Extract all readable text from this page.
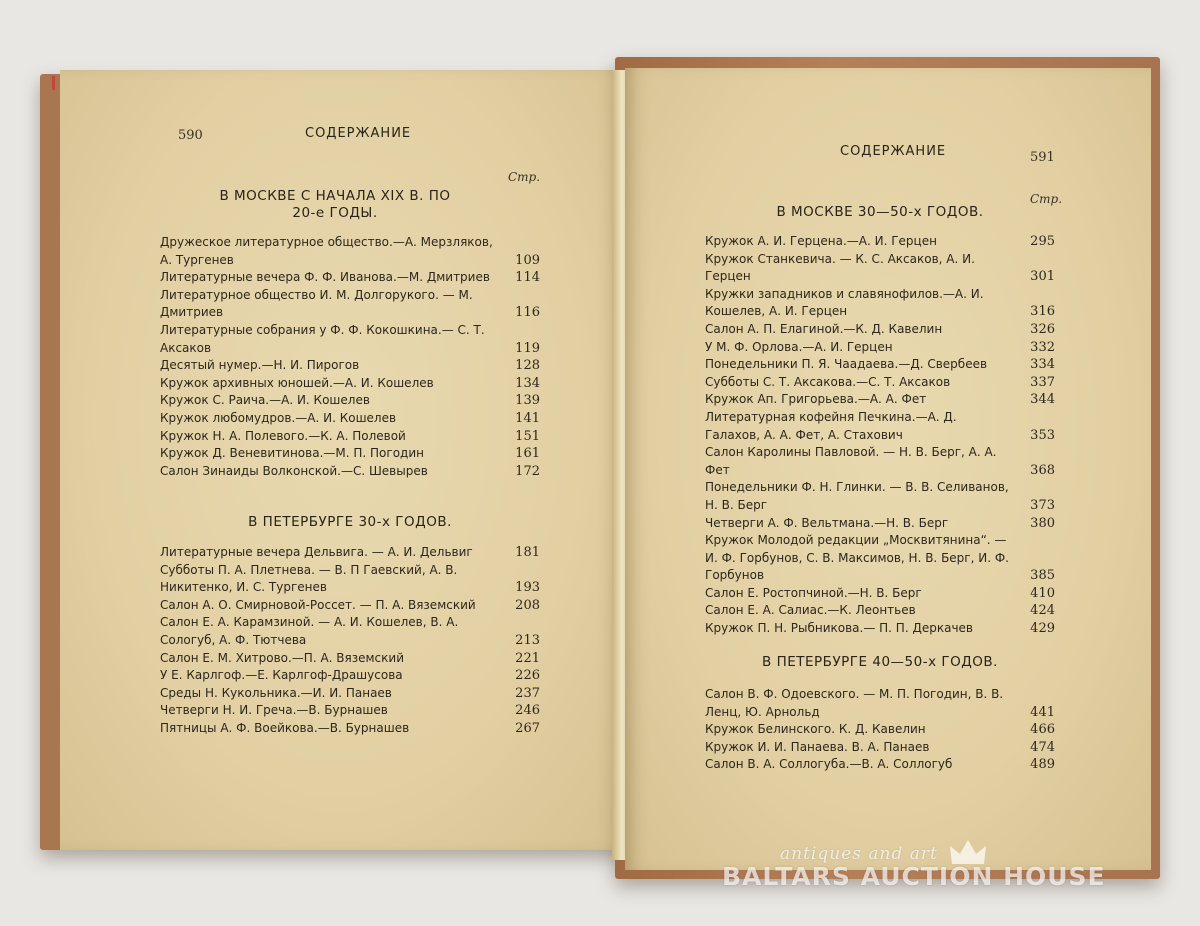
590	СОДЕРЖАНИЕ
Стр.
В МОСКВЕ С НАЧАЛА XIX В. ПО 20-е ГОДЫ.
Дружеское литературное общество.—А. Мерзляков, А. Тургенев	109
Литературные вечера Ф. Ф. Иванова.—М. Дмитриев	114
Литературное общество И. М. Долгорукого. — М. Дмитриев	116
Литературные собрания у Ф. Ф. Кокошкина.— С. Т. Аксаков	119
Десятый нумер.—Н. И. Пирогов	128
Кружок архивных юношей.—А. И. Кошелев	134
Кружок С. Раича.—А. И. Кошелев	139
Кружок любомудров.—А. И. Кошелев	141
Кружок Н. А. Полевого.—К. А. Полевой	151
Кружок Д. Веневитинова.—М. П. Погодин	161
Салон Зинаиды Волконской.—С. Шевырев	172
В ПЕТЕРБУРГЕ 30-х ГОДОВ.
Литературные вечера Дельвига. — А. И. Дельвиг	181
Субботы П. А. Плетнева. — В. П Гаевский, А. В. Никитенко, И. С. Тургенев	193
Салон А. О. Смирновой-Россет. — П. А. Вяземский	208
Салон Е. А. Карамзиной. — А. И. Кошелев, В. А. Сологуб, А. Ф. Тютчева	213
Салон Е. М. Хитрово.—П. А. Вяземский	221
У Е. Карлгоф.—Е. Карлгоф-Драшусова	226
Среды Н. Кукольника.—И. И. Панаев	237
Четверги Н. И. Греча.—В. Бурнашев	246
Пятницы А. Ф. Воейкова.—В. Бурнашев	267
СОДЕРЖАНИЕ	591
Стр.
В МОСКВЕ 30—50-х ГОДОВ.
Кружок А. И. Герцена.—А. И. Герцен	295
Кружок Станкевича. — К. С. Аксаков, А. И. Герцен	301
Кружки западников и славянофилов.—А. И. Кошелев, А. И. Герцен	316
Салон А. П. Елагиной.—К. Д. Кавелин	326
У М. Ф. Орлова.—А. И. Герцен	332
Понедельники П. Я. Чаадаева.—Д. Свербеев	334
Субботы С. Т. Аксакова.—С. Т. Аксаков	337
Кружок Ап. Григорьева.—А. А. Фет	344
Литературная кофейня Печкина.—А. Д. Галахов, А. А. Фет, А. Стахович	353
Салон Каролины Павловой. — Н. В. Берг, А. А. Фет	368
Понедельники Ф. Н. Глинки. — В. В. Селиванов, Н. В. Берг	373
Четверги А. Ф. Вельтмана.—Н. В. Берг	380
Кружок Молодой редакции „Москвитянина“. — И. Ф. Горбунов, С. В. Максимов, Н. В. Берг, И. Ф. Горбунов	385
Салон Е. Ростопчиной.—Н. В. Берг	410
Салон Е. А. Салиас.—К. Леонтьев	424
Кружок П. Н. Рыбникова.— П. П. Деркачев	429
В ПЕТЕРБУРГЕ 40—50-х ГОДОВ.
Салон В. Ф. Одоевского. — М. П. Погодин, В. В. Ленц, Ю. Арнольд	441
Кружок Белинского. К. Д. Кавелин	466
Кружок И. И. Панаева. В. А. Панаев	474
Салон В. А. Соллогуба.—В. А. Соллогуб	489
antiques and art
BALTARS AUCTION HOUSE
